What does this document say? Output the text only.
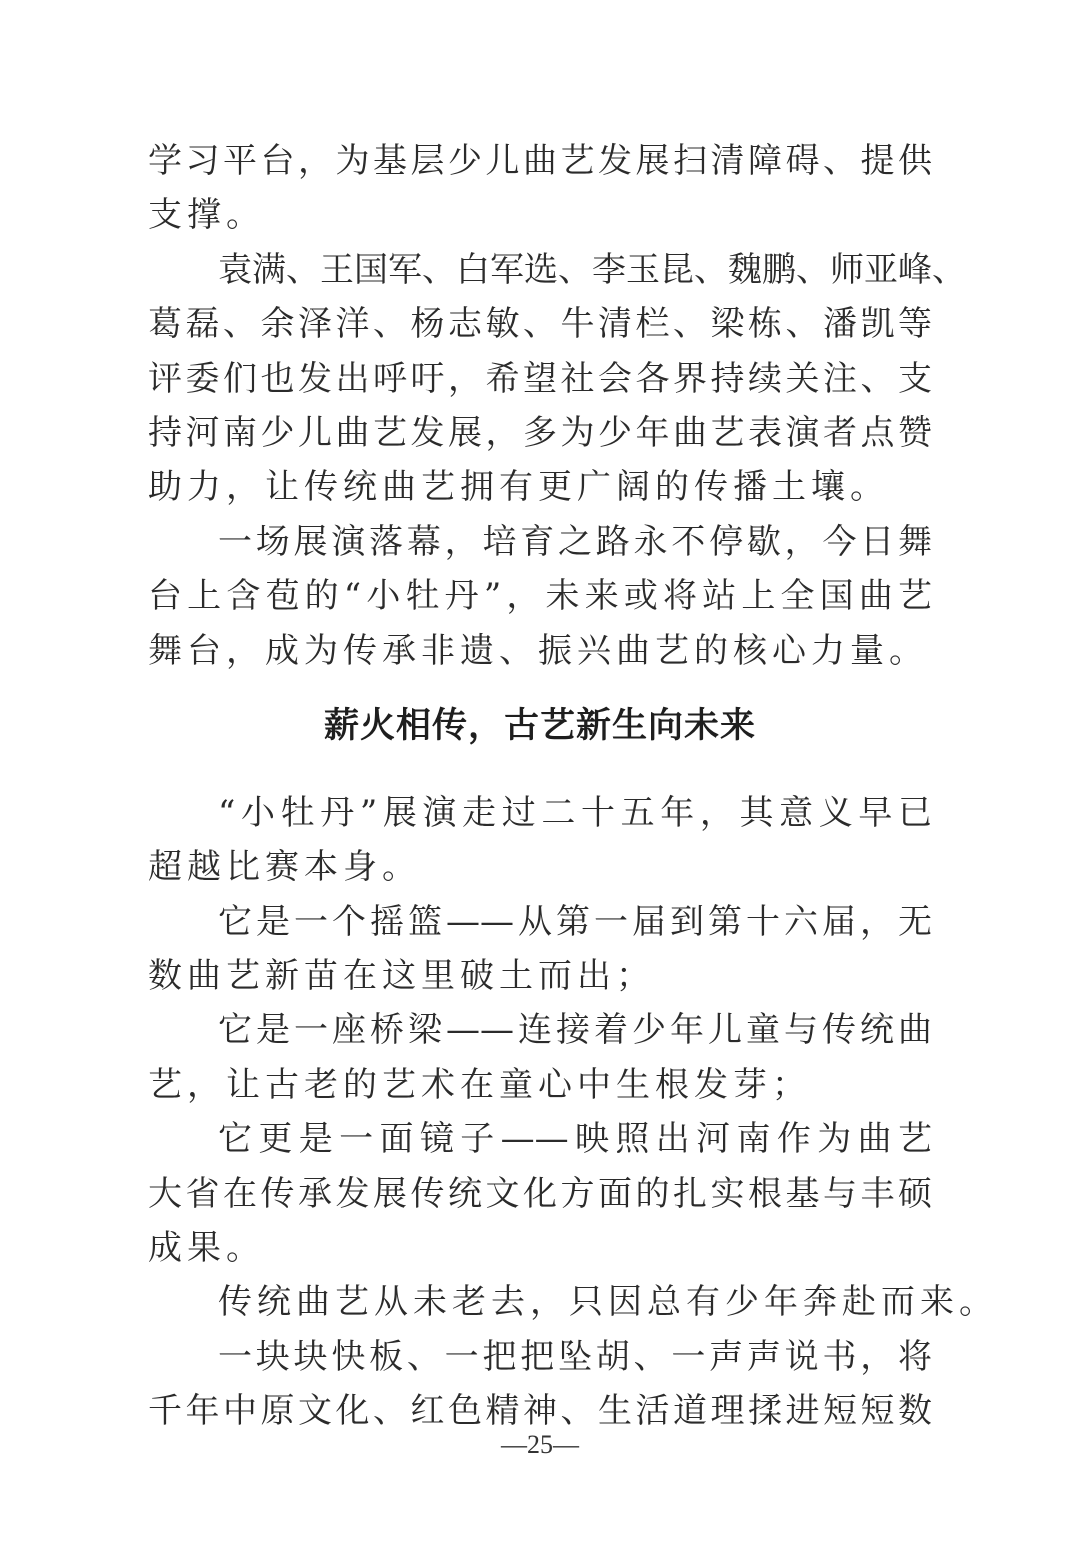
学习平台，为基层少儿曲艺发展扫清障碍、提供
支撑。
袁满、王国军、白军选、李玉昆、魏鹏、师亚峰、
葛磊、余泽洋、杨志敏、牛清栏、梁栋、潘凯等
评委们也发出呼吁，希望社会各界持续关注、支
持河南少儿曲艺发展，多为少年曲艺表演者点赞
助力，让传统曲艺拥有更广阔的传播土壤。
一场展演落幕，培育之路永不停歇，今日舞
台上含苞的“小牡丹”，未来或将站上全国曲艺
舞台，成为传承非遗、振兴曲艺的核心力量。
薪火相传，古艺新生向未来
“小牡丹”展演走过二十五年，其意义早已
超越比赛本身。
它是一个摇篮——从第一届到第十六届，无
数曲艺新苗在这里破土而出；
它是一座桥梁——连接着少年儿童与传统曲
艺，让古老的艺术在童心中生根发芽；
它更是一面镜子——映照出河南作为曲艺
大省在传承发展传统文化方面的扎实根基与丰硕
成果。
传统曲艺从未老去，只因总有少年奔赴而来。
一块块快板、一把把坠胡、一声声说书，将
千年中原文化、红色精神、生活道理揉进短短数
—25—
